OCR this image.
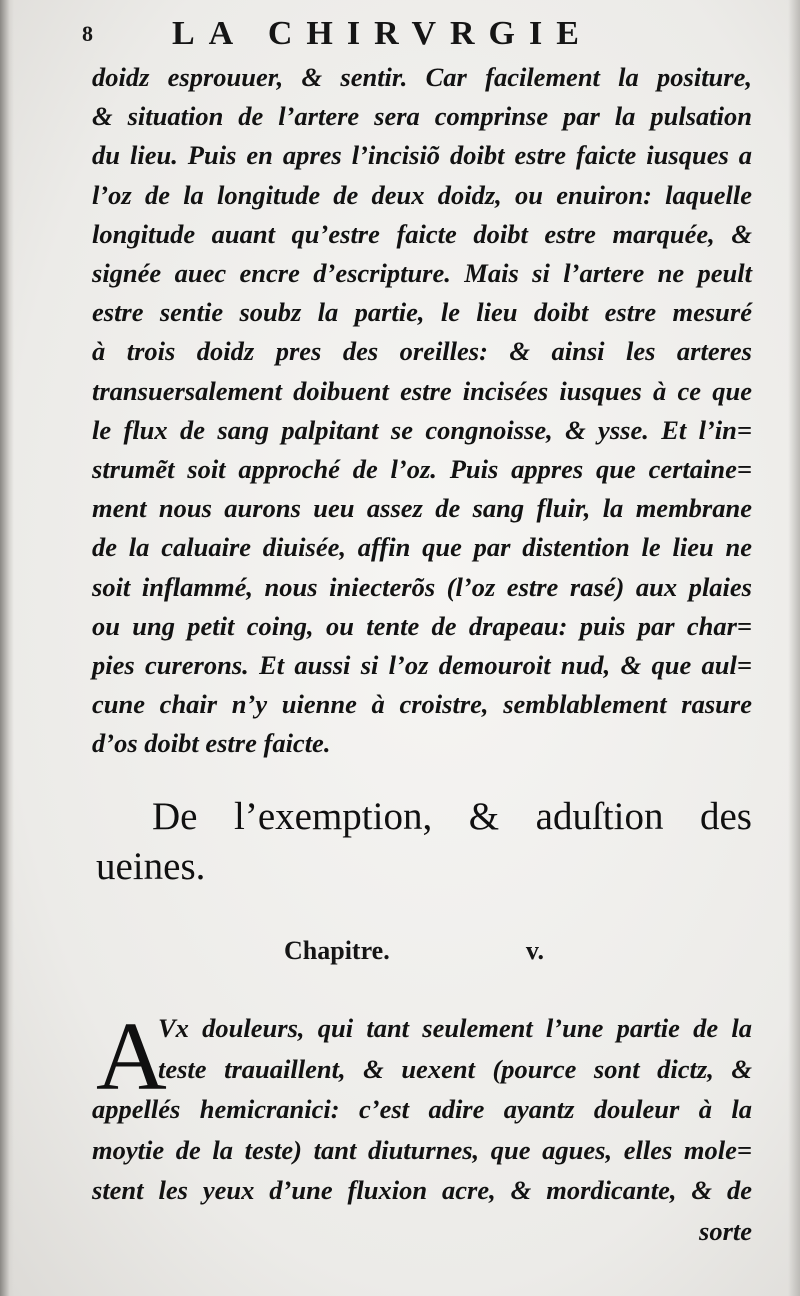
8	LA CHIRVRGIE
doidz esprouuer, & sentir. Car facilement la positure,
& situation de l’artere sera comprinse par la pulsation
du lieu. Puis en apres l’incisiõ doibt estre faicte iusques a
l’oz de la longitude de deux doidz, ou enuiron: laquelle
longitude auant qu’estre faicte doibt estre marquée, &
signée auec encre d’escripture. Mais si l’artere ne peult
estre sentie soubz la partie, le lieu doibt estre mesuré
à trois doidz pres des oreilles: & ainsi les arteres
transuersalement doibuent estre incisées iusques à ce que
le flux de sang palpitant se congnoisse, & ysse. Et l’in=
strumẽt soit approché de l’oz. Puis appres que certaine=
ment nous aurons ueu assez de sang fluir, la membrane
de la caluaire diuisée, affin que par distention le lieu ne
soit inflammé, nous iniecterõs (l’oz estre rasé) aux plaies
ou ung petit coing, ou tente de drapeau: puis par char=
pies curerons. Et aussi si l’oz demouroit nud, & que aul=
cune chair n’y uienne à croistre, semblablement rasure
d’os doibt estre faicte.
De l’exemption, & aduſtion des
ueines.
Chapitre.	v.
A
Vx douleurs, qui tant seulement l’une partie de la
teste trauaillent, & uexent (pource sont dictz, &
appellés hemicranici: c’est adire ayantz douleur à la
moytie de la teste) tant diuturnes, que agues, elles mole=
stent les yeux d’une fluxion acre, & mordicante, & de
sorte
